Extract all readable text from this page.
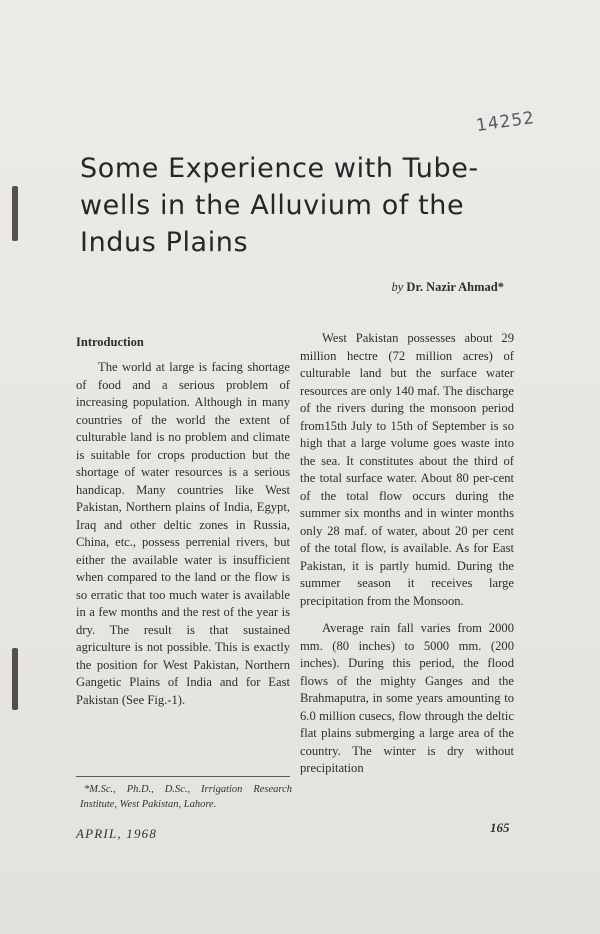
14252
Some Experience with Tube-wells in the Alluvium of the Indus Plains
by Dr. Nazir Ahmad*
Introduction

The world at large is facing shortage of food and a serious problem of increasing population. Although in many countries of the world the extent of culturable land is no problem and climate is suitable for crops production but the shortage of water resources is a serious handicap. Many countries like West Pakistan, Northern plains of India, Egypt, Iraq and other deltic zones in Russia, China, etc., possess perrenial rivers, but either the available water is insufficient when compared to the land or the flow is so erratic that too much water is available in a few months and the rest of the year is dry. The result is that sustained agriculture is not possible. This is exactly the position for West Pakistan, Northern Gangetic Plains of India and for East Pakistan (See Fig.-1).

*M.Sc., Ph.D., D.Sc., Irrigation Research Institute, West Pakistan, Lahore.

West Pakistan possesses about 29 million hectre (72 million acres) of culturable land but the surface water resources are only 140 maf. The discharge of the rivers during the monsoon period from15th July to 15th of September is so high that a large volume goes waste into the sea. It constitutes about the third of the total surface water. About 80 per-cent of the total flow occurs during the summer six months and in winter months only 28 maf. of water, about 20 per cent of the total flow, is available. As for East Pakistan, it is partly humid. During the summer season it receives large precipitation from the Monsoon.

Average rain fall varies from 2000 mm. (80 inches) to 5000 mm. (200 inches). During this period, the flood flows of the mighty Ganges and the Brahmaputra, in some years amounting to 6.0 million cusecs, flow through the deltic flat plains submerging a large area of the country. The winter is dry without precipitation

APRIL, 1968	165
